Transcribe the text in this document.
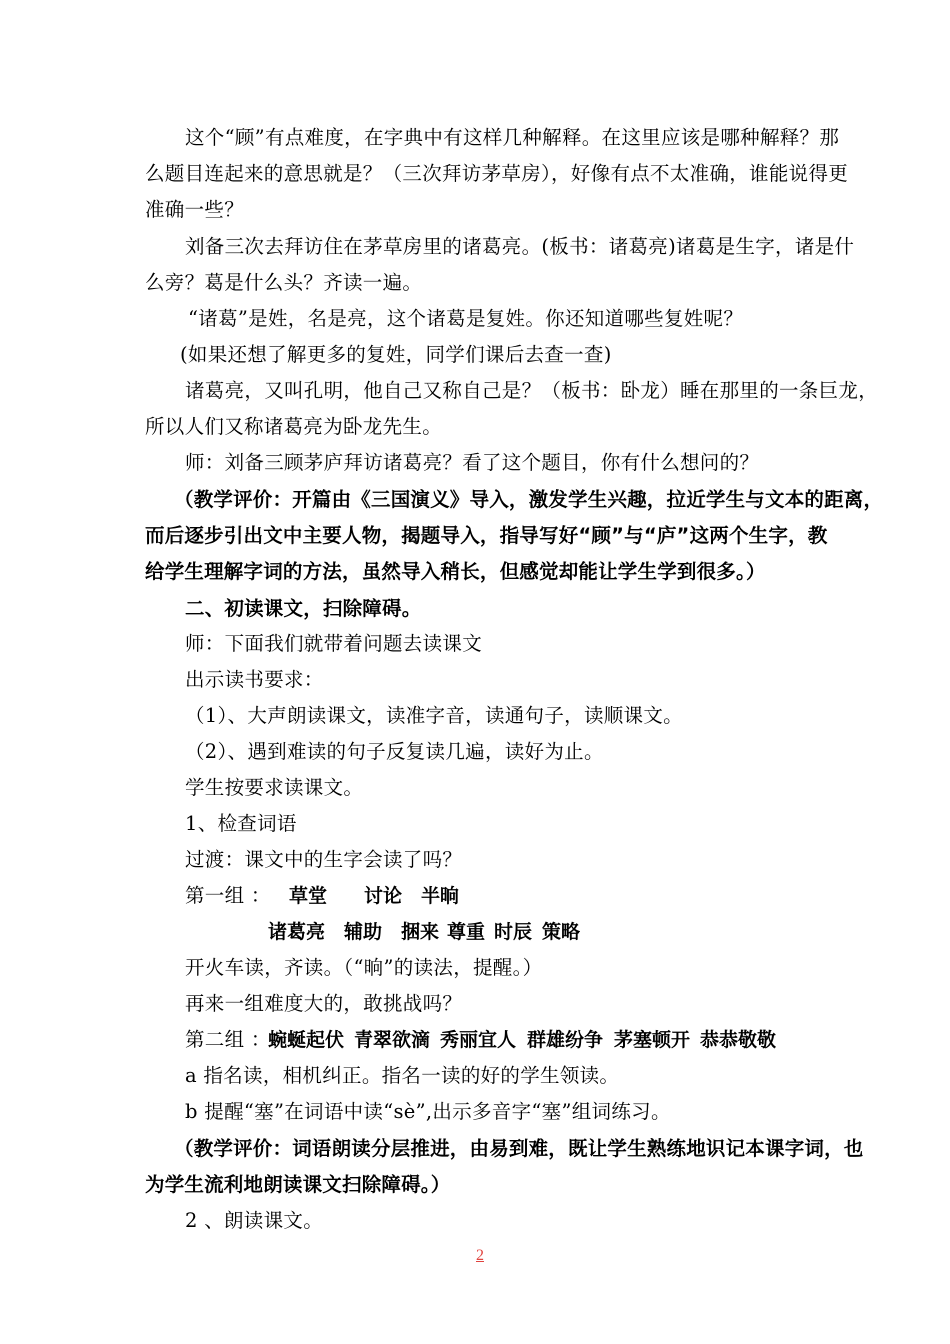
这个“顾”有点难度，在字典中有这样几种解释。在这里应该是哪种解释？那
么题目连起来的意思就是？（三次拜访茅草房），好像有点不太准确，谁能说得更
准确一些？
刘备三次去拜访住在茅草房里的诸葛亮。(板书：诸葛亮)诸葛是生字，诸是什
么旁？葛是什么头？齐读一遍。
“诸葛”是姓，名是亮，这个诸葛是复姓。你还知道哪些复姓呢？
(如果还想了解更多的复姓，同学们课后去查一查)
诸葛亮，又叫孔明，他自己又称自己是？（板书：卧龙）睡在那里的一条巨龙，
所以人们又称诸葛亮为卧龙先生。
师：刘备三顾茅庐拜访诸葛亮？看了这个题目，你有什么想问的？
（教学评价：开篇由《三国演义》导入，激发学生兴趣，拉近学生与文本的距离，
而后逐步引出文中主要人物，揭题导入，指导写好“顾”与“庐”这两个生字，教
给学生理解字词的方法，虽然导入稍长，但感觉却能让学生学到很多。）
二、初读课文，扫除障碍。
师：下面我们就带着问题去读课文
出示读书要求：
（1）、大声朗读课文，读准字音，读通句子，读顺课文。
（2）、遇到难读的句子反复读几遍，读好为止。
学生按要求读课文。
1、检查词语
过渡：课文中的生字会读了吗？
第一组 ： 草堂 讨论 半晌
诸葛亮 辅助 捆来 尊重 时辰 策略
开火车读，齐读。（“晌”的读法，提醒。）
再来一组难度大的，敢挑战吗？
第二组 ：
蜿蜒起伏 青翠欲滴 秀丽宜人 群雄纷争 茅塞顿开 恭恭敬敬
a 指名读，相机纠正。指名一读的好的学生领读。
b 提醒“塞”在词语中读“sè”,出示多音字“塞”组词练习。
（教学评价：词语朗读分层推进，由易到难，既让学生熟练地识记本课字词，也
为学生流利地朗读课文扫除障碍。）
2 、朗读课文。
2
